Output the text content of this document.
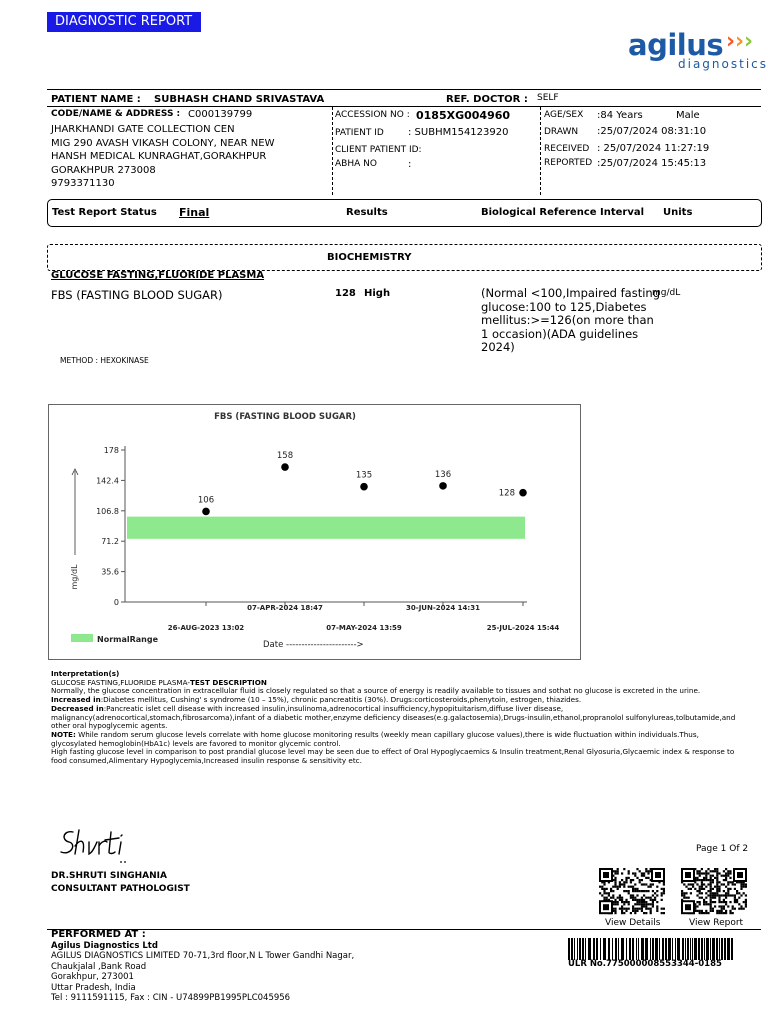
DIAGNOSTIC REPORT
agilus › › ›
diagnostics
PATIENT NAME : SUBHASH CHAND SRIVASTAVA	REF. DOCTOR : SELF
CODE/NAME & ADDRESS : C000139799
JHARKHANDI GATE COLLECTION CEN
MIG 290 AVASH VIKASH COLONY, NEAR NEW
HANSH MEDICAL KUNRAGHAT,GORAKHPUR
GORAKHPUR 273008
9793371130
ACCESSION NO : 0185XG004960
PATIENT ID : SUBHM154123920
CLIENT PATIENT ID:
ABHA NO	:
AGE/SEX :84 Years	Male
DRAWN :25/07/2024 08:31:10
RECEIVED : 25/07/2024 11:27:19
REPORTED :25/07/2024 15:45:13
Test Report Status Final	Results	Biological Reference Interval Units
BIOCHEMISTRY
GLUCOSE FASTING,FLUORIDE PLASMA
FBS (FASTING BLOOD SUGAR)	128 High	(Normal <100,Impaired fasting
glucose:100 to 125,Diabetes
mellitus:>=126(on more than
1 occasion)(ADA guidelines
2024)
mg/dL
METHOD : HEXOKINASE
FBS (FASTING BLOOD SUGAR)
0
35.6
71.2
106.8
142.4
178
mg/dL
26-AUG-2023 13:02
07-APR-2024 18:47
07-MAY-2024 13:59
30-JUN-2024 14:31
25-JUL-2024 15:44
Date ----------------------->
NormalRange
106
158
135	136
128

Interpretation(s)

GLUCOSE FASTING,FLUORIDE PLASMA-TEST DESCRIPTION

Normally, the glucose concentration in extracellular fluid is closely regulated so that a source of energy is readily available to tissues and sothat no glucose is excreted in the urine.

Increased in:Diabetes mellitus, Cushing' s syndrome (10 – 15%), chronic pancreatitis (30%). Drugs:corticosteroids,phenytoin, estrogen, thiazides.

Decreased in:Pancreatic islet cell disease with increased insulin,insulinoma,adrenocortical insufficiency,hypopituitarism,diffuse liver disease, malignancy(adrenocortical,stomach,fibrosarcoma),infant of a diabetic mother,enzyme deficiency diseases(e.g.galactosemia),Drugs-insulin,ethanol,propranolol sulfonylureas,tolbutamide,and other oral hypoglycemic agents.

NOTE: While random serum glucose levels correlate with home glucose monitoring results (weekly mean capillary glucose values),there is wide fluctuation within individuals.Thus, glycosylated hemoglobin(HbA1c) levels are favored to monitor glycemic control.

High fasting glucose level in comparison to post prandial glucose level may be seen due to effect of Oral Hypoglycaemics & Insulin treatment,Renal Glyosuria,Glycaemic index & response to food consumed,Alimentary Hypoglycemia,Increased insulin response & sensitivity etc.

DR.SHRUTI SINGHANIA
CONSULTANT PATHOLOGIST
Page 1 Of 2
View Details	View Report
PERFORMED AT :
Agilus Diagnostics Ltd
AGILUS DIAGNOSTICS LIMITED 70-71,3rd floor,N L Tower Gandhi Nagar,
Chaukjalal ,Bank Road
Gorakhpur, 273001
Uttar Pradesh, India
Tel : 9111591115, Fax : CIN - U74899PB1995PLC045956
ULR No.775000008553344-0185
